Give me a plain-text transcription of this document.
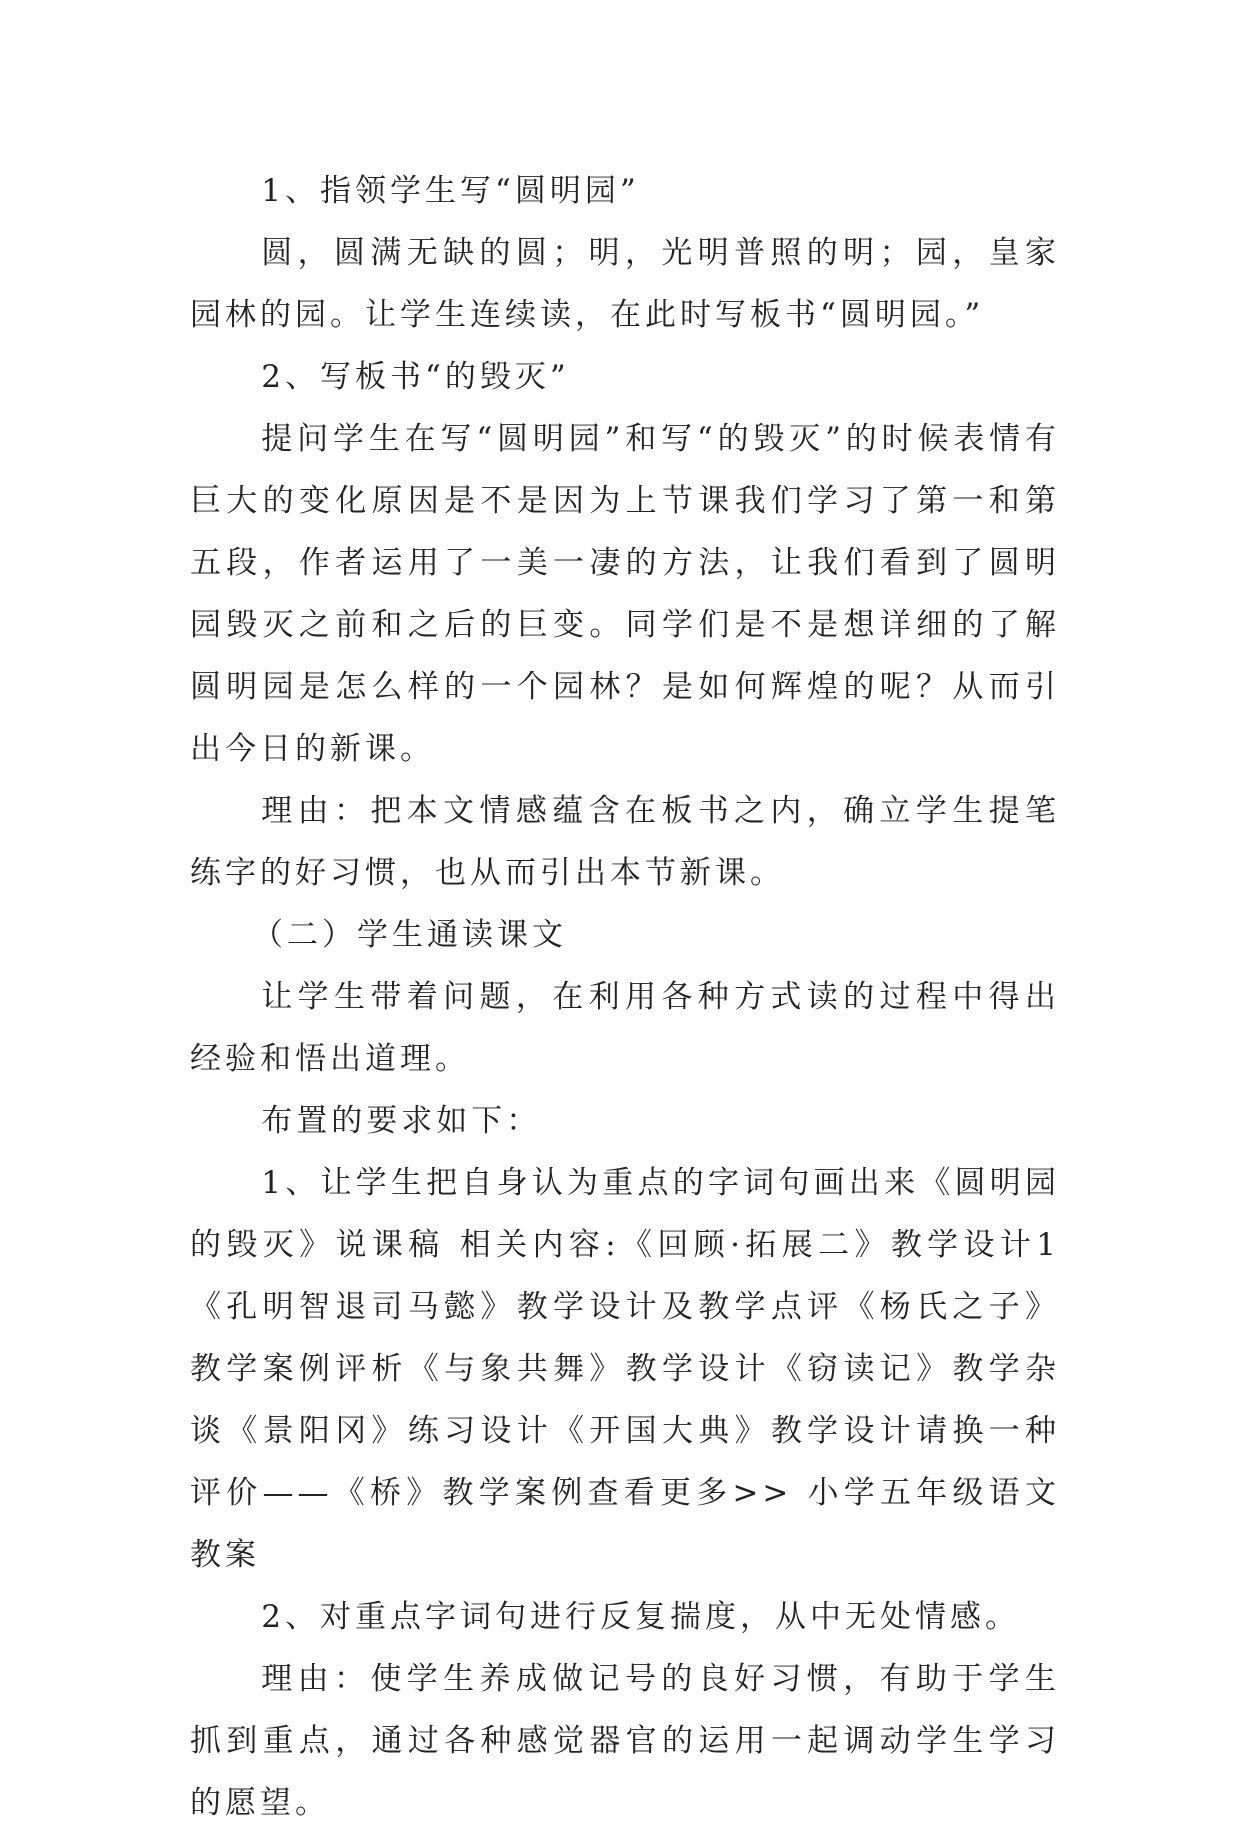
1、指领学生写“圆明园”

圆，圆满无缺的圆；明，光明普照的明；园，皇家园林的园。让学生连续读，在此时写板书“圆明园。”

2、写板书“的毁灭”

提问学生在写“圆明园”和写“的毁灭”的时候表情有巨大的变化原因是不是因为上节课我们学习了第一和第五段，作者运用了一美一凄的方法，让我们看到了圆明园毁灭之前和之后的巨变。同学们是不是想详细的了解圆明园是怎么样的一个园林？是如何辉煌的呢？从而引出今日的新课。

理由：把本文情感蕴含在板书之内，确立学生提笔练字的好习惯，也从而引出本节新课。

（二）学生通读课文

让学生带着问题，在利用各种方式读的过程中得出经验和悟出道理。

布置的要求如下：

1、让学生把自身认为重点的字词句画出来《圆明园的毁灭》说课稿 相关内容:《回顾·拓展二》教学设计1《孔明智退司马懿》教学设计及教学点评《杨氏之子》教学案例评析《与象共舞》教学设计《窃读记》教学杂谈《景阳冈》练习设计《开国大典》教学设计请换一种评价——《桥》教学案例查看更多>> 小学五年级语文教案

2、对重点字词句进行反复揣度，从中无处情感。

理由：使学生养成做记号的良好习惯，有助于学生抓到重点，通过各种感觉器官的运用一起调动学生学习的愿望。
